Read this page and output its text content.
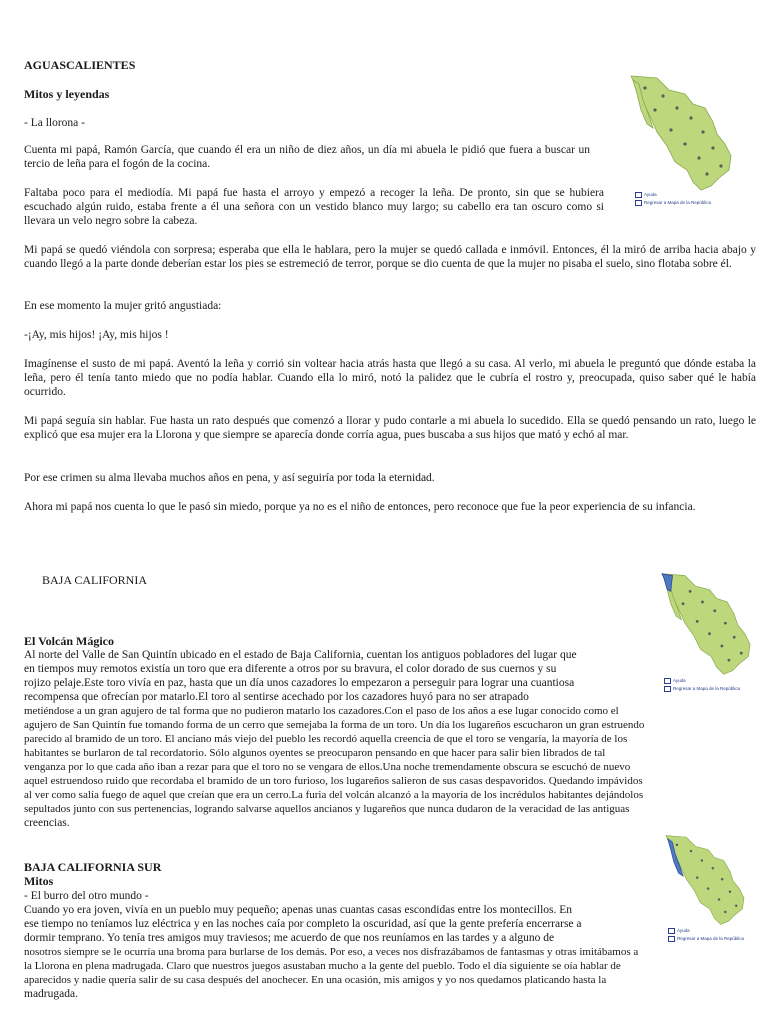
AGUASCALIENTES
Mitos y leyendas
- La llorona -
Cuenta mi papá, Ramón García, que cuando él era un niño de diez años, un día mi abuela le pidió que fuera a buscar un tercio de leña para el fogón de la cocina.
Faltaba poco para el mediodía. Mi papá fue hasta el arroyo y empezó a recoger la leña. De pronto, sin que se hubiera escuchado algún ruido, estaba frente a él una señora con un vestido blanco muy largo; su cabello era tan oscuro como si llevara un velo negro sobre la cabeza.
Mi papá se quedó viéndola con sorpresa; esperaba que ella le hablara, pero la mujer se quedó callada e inmóvil. Entonces, él la miró de arriba hacia abajo y cuando llegó a la parte donde deberían estar los pies se estremeció de terror, porque se dio cuenta de que la mujer no pisaba el suelo, sino flotaba sobre él.
En ese momento la mujer gritó angustiada:
-¡Ay, mis hijos! ¡Ay, mis hijos !
Imagínense el susto de mi papá. Aventó la leña y corrió sin voltear hacia atrás hasta que llegó a su casa. Al verlo, mi abuela le preguntó que dónde estaba la leña, pero él tenía tanto miedo que no podía hablar. Cuando ella lo miró, notó la palidez que le cubría el rostro y, preocupada, quiso saber qué le había ocurrido.
Mi papá seguía sin hablar. Fue hasta un rato después que comenzó a llorar y pudo contarle a mi abuela lo sucedido. Ella se quedó pensando un rato, luego le explicó que esa mujer era la Llorona y que siempre se aparecía donde corría agua, pues buscaba a sus hijos que mató y echó al mar.
Por ese crimen su alma llevaba muchos años en pena, y así seguiría por toda la eternidad.
Ahora mi papá nos cuenta lo que le pasó sin miedo, porque ya no es el niño de entonces, pero reconoce que fue la peor experiencia de su infancia.
Ayuda
Regresar a Mapa de la República
BAJA CALIFORNIA
El Volcán Mágico
Al norte del Valle de San Quintín ubicado en el estado de Baja California, cuentan los antiguos pobladores del lugar que
en tiempos muy remotos existía un toro que era diferente a otros por su bravura, el color dorado de sus cuernos y su
rojizo pelaje.Este toro vivía en paz, hasta que un día unos cazadores lo empezaron a perseguir para lograr una cuantiosa
recompensa que ofrecían por matarlo.El toro al sentirse acechado por los cazadores huyó para no ser atrapado
metiéndose a un gran agujero de tal forma que no pudieron matarlo los cazadores.Con el paso de los años a ese lugar conocido como el
agujero de San Quintín fue tomando forma de un cerro que semejaba la forma de un toro. Un día los lugareños escucharon un gran estruendo
parecido al bramido de un toro. El anciano más viejo del pueblo les recordó aquella creencia de que el toro se vengaría, la mayoría de los
habitantes se burlaron de tal recordatorio. Sólo algunos oyentes se preocuparon pensando en que hacer para salir bien librados de tal
venganza por lo que cada año iban a rezar para que el toro no se vengara de ellos.Una noche tremendamente obscura se escuchó de nuevo
aquel estruendoso ruido que recordaba el bramido de un toro furioso, los lugareños salieron de sus casas despavoridos. Quedando impávidos
al ver como salía fuego de aquel que creían que era un cerro.La furia del volcán alcanzó a la mayoría de los incrédulos habitantes dejándolos
sepultados junto con sus pertenencias, logrando salvarse aquellos ancianos y lugareños que nunca dudaron de la veracidad de las antiguas
creencias.
Ayuda
Regresar a Mapa de la República
BAJA CALIFORNIA SUR
Mitos
- El burro del otro mundo -
Cuando yo era joven, vivía en un pueblo muy pequeño; apenas unas cuantas casas escondidas entre los montecillos. En
ese tiempo no teníamos luz eléctrica y en las noches caía por completo la oscuridad, así que la gente prefería encerrarse a
dormir temprano. Yo tenía tres amigos muy traviesos; me acuerdo de que nos reuníamos en las tardes y a alguno de
nosotros siempre se le ocurría una broma para burlarse de los demás. Por eso, a veces nos disfrazábamos de fantasmas y otras imitábamos a
la Llorona en plena madrugada. Claro que nuestros juegos asustaban mucho a la gente del pueblo. Todo el día siguiente se oía hablar de
aparecidos y nadie quería salir de su casa después del anochecer. En una ocasión, mis amigos y yo nos quedamos platicando hasta la
madrugada.
Ayuda
Regresar a Mapa de la República
